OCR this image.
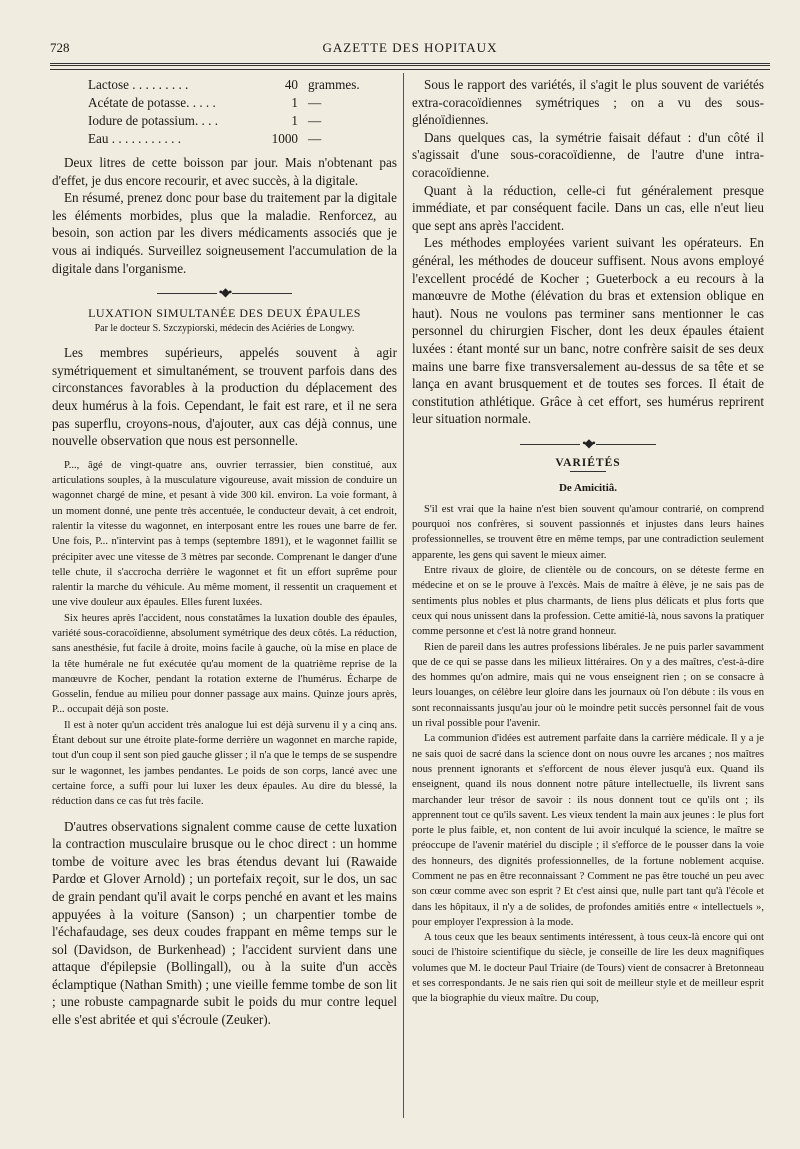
728	GAZETTE DES HOPITAUX
Lactose . . . . . . . . .	40	grammes.
Acétate de potasse. . . . .	1	—
Iodure de potassium. . . .	1	—
Eau . . . . . . . . . . .	1000	—

Deux litres de cette boisson par jour. Mais n'obtenant pas d'effet, je dus encore recourir, et avec succès, à la digitale.

En résumé, prenez donc pour base du traitement par la digitale les éléments morbides, plus que la maladie. Renforcez, au besoin, son action par les divers médicaments associés que je vous ai indiqués. Surveillez soigneusement l'accumulation de la digitale dans l'organisme.

•◆•
LUXATION SIMULTANÉE DES DEUX ÉPAULES
Par le docteur S. Szczypiorski, médecin des Aciéries de Longwy.

Les membres supérieurs, appelés souvent à agir symétriquement et simultanément, se trouvent parfois dans des circonstances favorables à la production du déplacement des deux humérus à la fois. Cependant, le fait est rare, et il ne sera pas superflu, croyons-nous, d'ajouter, aux cas déjà connus, une nouvelle observation que nous est personnelle.

P..., âgé de vingt-quatre ans, ouvrier terrassier, bien constitué, aux articulations souples, à la musculature vigoureuse, avait mission de conduire un wagonnet chargé de mine, et pesant à vide 300 kil. environ. La voie formant, à un moment donné, une pente très accentuée, le conducteur devait, à cet endroit, ralentir la vitesse du wagonnet, en interposant entre les roues une barre de fer. Une fois, P... n'intervint pas à temps (septembre 1891), et le wagonnet faillit se précipiter avec une vitesse de 3 mètres par seconde. Comprenant le danger d'une telle chute, il s'accrocha derrière le wagonnet et fit un effort suprême pour ralentir la marche du véhicule. Au même moment, il ressentit un craquement et une vive douleur aux épaules. Elles furent luxées.

Six heures après l'accident, nous constatâmes la luxation double des épaules, variété sous-coracoïdienne, absolument symétrique des deux côtés. La réduction, sans anesthésie, fut facile à droite, moins facile à gauche, où la mise en place de la tête humérale ne fut exécutée qu'au moment de la quatrième reprise de la manœuvre de Kocher, pendant la rotation externe de l'humérus. Écharpe de Gosselin, fendue au milieu pour donner passage aux mains. Quinze jours après, P... occupait déjà son poste.

Il est à noter qu'un accident très analogue lui est déjà survenu il y a cinq ans. Étant debout sur une étroite plate-forme derrière un wagonnet en marche rapide, tout d'un coup il sent son pied gauche glisser ; il n'a que le temps de se suspendre sur le wagonnet, les jambes pendantes. Le poids de son corps, lancé avec une certaine force, a suffi pour lui luxer les deux épaules. Au dire du blessé, la réduction dans ce cas fut très facile.

D'autres observations signalent comme cause de cette luxation la contraction musculaire brusque ou le choc direct : un homme tombe de voiture avec les bras étendus devant lui (Rawaide Pardœ et Glover Arnold) ; un portefaix reçoit, sur le dos, un sac de grain pendant qu'il avait le corps penché en avant et les mains appuyées à la voiture (Sanson) ; un charpentier tombe de l'échafaudage, ses deux coudes frappant en même temps sur le sol (Davidson, de Burkenhead) ; l'accident survient dans une attaque d'épilepsie (Bollingall), ou à la suite d'un accès éclamptique (Nathan Smith) ; une vieille femme tombe de son lit ; une robuste campagnarde subit le poids du mur contre lequel elle s'est abritée et qui s'écroule (Zeuker).

Sous le rapport des variétés, il s'agit le plus souvent de variétés extra-coracoïdiennes symétriques ; on a vu des sous-glénoïdiennes.

Dans quelques cas, la symétrie faisait défaut : d'un côté il s'agissait d'une sous-coracoïdienne, de l'autre d'une intra-coracoïdienne.

Quant à la réduction, celle-ci fut généralement presque immédiate, et par conséquent facile. Dans un cas, elle n'eut lieu que sept ans après l'accident.

Les méthodes employées varient suivant les opérateurs. En général, les méthodes de douceur suffisent. Nous avons employé l'excellent procédé de Kocher ; Gueterbock a eu recours à la manœuvre de Mothe (élévation du bras et extension oblique en haut). Nous ne voulons pas terminer sans mentionner le cas personnel du chirurgien Fischer, dont les deux épaules étaient luxées : étant monté sur un banc, notre confrère saisit de ses deux mains une barre fixe transversalement au-dessus de sa tête et se lança en avant brusquement et de toutes ses forces. Il était de constitution athlétique. Grâce à cet effort, ses humérus reprirent leur situation normale.

•◆•
VARIÉTÉS
De Amicitiâ.

S'il est vrai que la haine n'est bien souvent qu'amour contrarié, on comprend pourquoi nos confrères, si souvent passionnés et injustes dans leurs haines professionnelles, se trouvent être en même temps, par une contradiction seulement apparente, les gens qui savent le mieux aimer.

Entre rivaux de gloire, de clientèle ou de concours, on se déteste ferme en médecine et on se le prouve à l'excès. Mais de maître à élève, je ne sais pas de sentiments plus nobles et plus charmants, de liens plus délicats et plus forts que ceux qui nous unissent dans la profession. Cette amitié-là, nous savons la pratiquer comme personne et c'est là notre grand honneur.

Rien de pareil dans les autres professions libérales. Je ne puis parler savamment que de ce qui se passe dans les milieux littéraires. On y a des maîtres, c'est-à-dire des hommes qu'on admire, mais qui ne vous enseignent rien ; on se consacre à leurs louanges, on célèbre leur gloire dans les journaux où l'on débute : ils vous en sont reconnaissants jusqu'au jour où le moindre petit succès personnel fait de vous un rival possible pour l'avenir.

La communion d'idées est autrement parfaite dans la carrière médicale. Il y a je ne sais quoi de sacré dans la science dont on nous ouvre les arcanes ; nos maîtres nous prennent ignorants et s'efforcent de nous élever jusqu'à eux. Quand ils enseignent, quand ils nous donnent notre pâture intellectuelle, ils livrent sans marchander leur trésor de savoir : ils nous donnent tout ce qu'ils ont ; ils apprennent tout ce qu'ils savent. Les vieux tendent la main aux jeunes : le plus fort porte le plus faible, et, non content de lui avoir inculqué la science, le maître se préoccupe de l'avenir matériel du disciple ; il s'efforce de le pousser dans la voie des honneurs, des dignités professionnelles, de la fortune noblement acquise. Comment ne pas en être reconnaissant ? Comment ne pas être touché un peu avec son cœur comme avec son esprit ? Et c'est ainsi que, nulle part tant qu'à l'école et dans les hôpitaux, il n'y a de solides, de profondes amitiés entre « intellectuels », pour employer l'expression à la mode.

A tous ceux que les beaux sentiments intéressent, à tous ceux-là encore qui ont souci de l'histoire scientifique du siècle, je conseille de lire les deux magnifiques volumes que M. le docteur Paul Triaire (de Tours) vient de consacrer à Bretonneau et ses correspondants. Je ne sais rien qui soit de meilleur style et de meilleur esprit que la biographie du vieux maître. Du coup,
